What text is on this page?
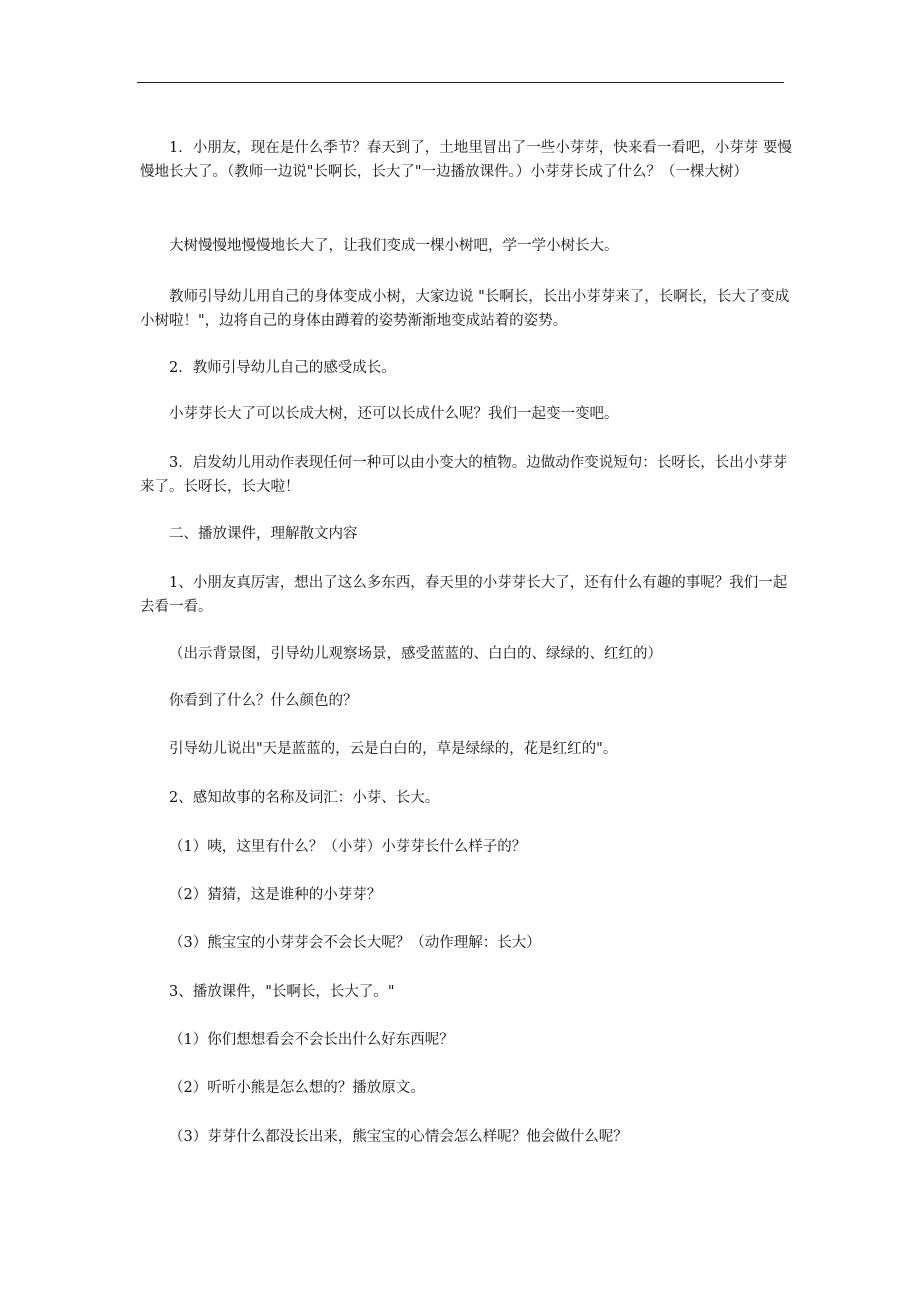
1．小朋友，现在是什么季节？春天到了，土地里冒出了一些小芽芽，快来看一看吧，小芽芽 要慢慢地长大了。（教师一边说"长啊长，长大了"一边播放课件。）小芽芽长成了什么？（一棵大树）

大树慢慢地慢慢地长大了，让我们变成一棵小树吧，学一学小树长大。

教师引导幼儿用自己的身体变成小树，大家边说 "长啊长，长出小芽芽来了，长啊长，长大了变成小树啦！"，边将自己的身体由蹲着的姿势渐渐地变成站着的姿势。

2．教师引导幼儿自己的感受成长。

小芽芽长大了可以长成大树，还可以长成什么呢？我们一起变一变吧。

3．启发幼儿用动作表现任何一种可以由小变大的植物。边做动作变说短句：长呀长，长出小芽芽来了。长呀长，长大啦！

二、播放课件，理解散文内容

1、小朋友真厉害，想出了这么多东西，春天里的小芽芽长大了，还有什么有趣的事呢？我们一起去看一看。

（出示背景图，引导幼儿观察场景，感受蓝蓝的、白白的、绿绿的、红红的）

你看到了什么？什么颜色的？

引导幼儿说出"天是蓝蓝的，云是白白的，草是绿绿的，花是红红的"。

2、感知故事的名称及词汇：小芽、长大。

（1）咦，这里有什么？（小芽）小芽芽长什么样子的？

（2）猜猜，这是谁种的小芽芽？

（3）熊宝宝的小芽芽会不会长大呢？（动作理解：长大）

3、播放课件，"长啊长，长大了。"

（1）你们想想看会不会长出什么好东西呢？

（2）听听小熊是怎么想的？播放原文。

（3）芽芽什么都没长出来，熊宝宝的心情会怎么样呢？他会做什么呢？
